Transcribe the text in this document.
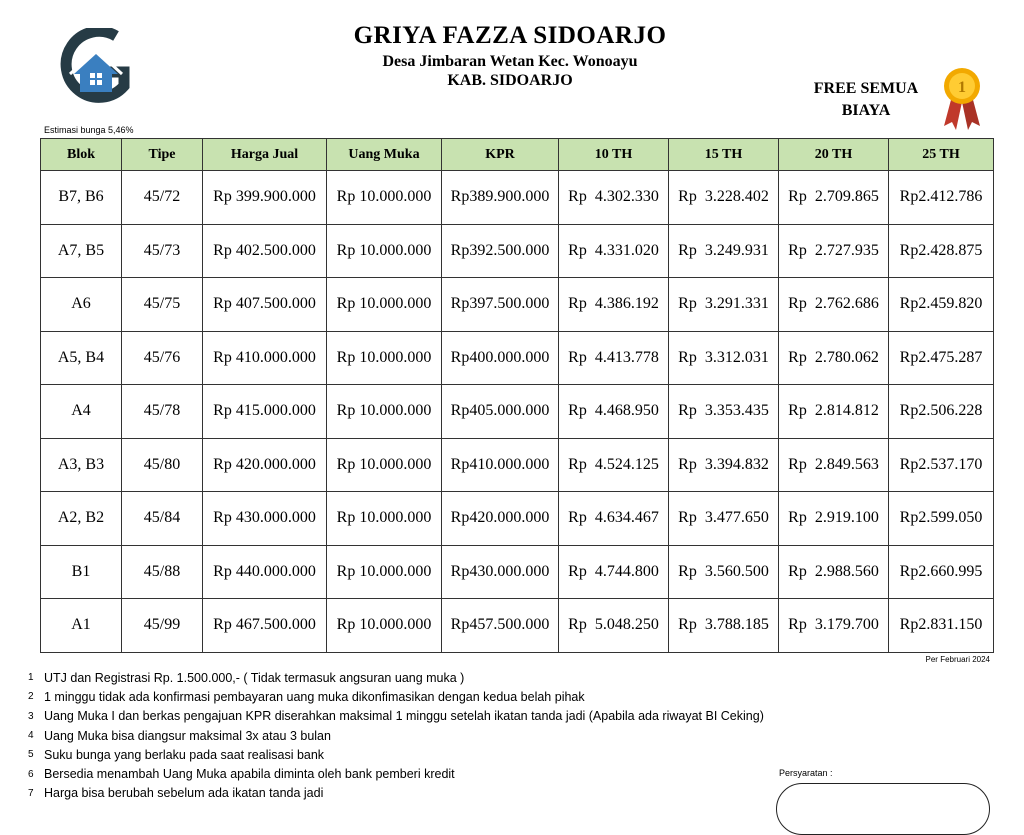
GRIYA FAZZA SIDOARJO
Desa Jimbaran Wetan Kec. Wonoayu
KAB. SIDOARJO	FREE SEMUA
BIAYA
1
Estimasi bunga 5,46%
Blok	Tipe	Harga Jual	Uang Muka	KPR	10 TH	15 TH	20 TH	25 TH
B7, B6	45/72	Rp 399.900.000	Rp 10.000.000	Rp389.900.000	Rp  4.302.330	Rp  3.228.402	Rp  2.709.865	Rp2.412.786
A7, B5	45/73	Rp 402.500.000	Rp 10.000.000	Rp392.500.000	Rp  4.331.020	Rp  3.249.931	Rp  2.727.935	Rp2.428.875
A6	45/75	Rp 407.500.000	Rp 10.000.000	Rp397.500.000	Rp  4.386.192	Rp  3.291.331	Rp  2.762.686	Rp2.459.820
A5, B4	45/76	Rp 410.000.000	Rp 10.000.000	Rp400.000.000	Rp  4.413.778	Rp  3.312.031	Rp  2.780.062	Rp2.475.287
A4	45/78	Rp 415.000.000	Rp 10.000.000	Rp405.000.000	Rp  4.468.950	Rp  3.353.435	Rp  2.814.812	Rp2.506.228
A3, B3	45/80	Rp 420.000.000	Rp 10.000.000	Rp410.000.000	Rp  4.524.125	Rp  3.394.832	Rp  2.849.563	Rp2.537.170
A2, B2	45/84	Rp 430.000.000	Rp 10.000.000	Rp420.000.000	Rp  4.634.467	Rp  3.477.650	Rp  2.919.100	Rp2.599.050
B1	45/88	Rp 440.000.000	Rp 10.000.000	Rp430.000.000	Rp  4.744.800	Rp  3.560.500	Rp  2.988.560	Rp2.660.995
A1	45/99	Rp 467.500.000	Rp 10.000.000	Rp457.500.000	Rp  5.048.250	Rp  3.788.185	Rp  3.179.700	Rp2.831.150
Per Februari 2024
1 UTJ dan Registrasi Rp. 1.500.000,- ( Tidak termasuk angsuran uang muka )
2 1 minggu tidak ada konfirmasi pembayaran uang muka dikonfimasikan dengan kedua belah pihak
3 Uang Muka I dan berkas pengajuan KPR diserahkan maksimal 1 minggu setelah ikatan tanda jadi (Apabila ada riwayat BI Ceking)
4 Uang Muka bisa diangsur maksimal 3x atau 3 bulan
5 Suku bunga yang berlaku pada saat realisasi bank
6 Bersedia menambah Uang Muka apabila diminta oleh bank pemberi kredit
7 Harga bisa berubah sebelum ada ikatan tanda jadi
Persyaratan :
